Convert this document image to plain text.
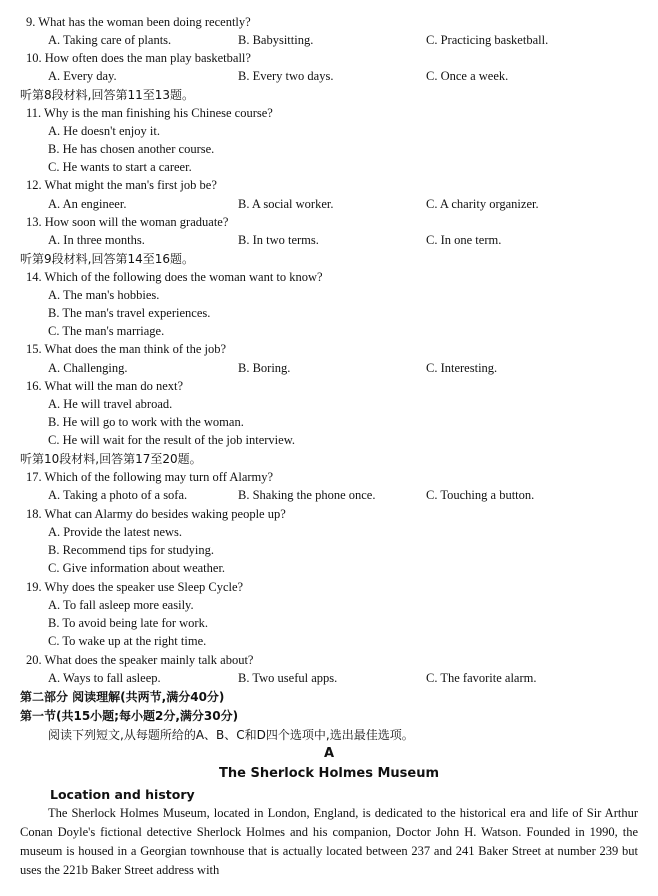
9. What has the woman been doing recently?
A. Taking care of plants.	B. Babysitting.	C. Practicing basketball.
10. How often does the man play basketball?
A. Every day.	B. Every two days.	C. Once a week.
听第8段材料,回答第11至13题。
11. Why is the man finishing his Chinese course?
A. He doesn't enjoy it.
B. He has chosen another course.
C. He wants to start a career.
12. What might the man's first job be?
A. An engineer.	B. A social worker.	C. A charity organizer.
13. How soon will the woman graduate?
A. In three months.	B. In two terms.	C. In one term.
听第9段材料,回答第14至16题。
14. Which of the following does the woman want to know?
A. The man's hobbies.
B. The man's travel experiences.
C. The man's marriage.
15. What does the man think of the job?
A. Challenging.	B. Boring.	C. Interesting.
16. What will the man do next?
A. He will travel abroad.
B. He will go to work with the woman.
C. He will wait for the result of the job interview.
听第10段材料,回答第17至20题。
17. Which of the following may turn off Alarmy?
A. Taking a photo of a sofa.	B. Shaking the phone once.	C. Touching a button.
18. What can Alarmy do besides waking people up?
A. Provide the latest news.
B. Recommend tips for studying.
C. Give information about weather.
19. Why does the speaker use Sleep Cycle?
A. To fall asleep more easily.
B. To avoid being late for work.
C. To wake up at the right time.
20. What does the speaker mainly talk about?
A. Ways to fall asleep.	B. Two useful apps.	C. The favorite alarm.
第二部分 阅读理解(共两节,满分40分)
第一节(共15小题;每小题2分,满分30分)
阅读下列短文,从每题所给的A、B、C和D四个选项中,选出最佳选项。
A
The Sherlock Holmes Museum
Location and history
The Sherlock Holmes Museum, located in London, England, is dedicated to the historical era and life of Sir Arthur Conan Doyle's fictional detective Sherlock Holmes and his companion, Doctor John H. Watson. Founded in 1990, the museum is housed in a Georgian townhouse that is actually located between 237 and 241 Baker Street at number 239 but uses the 221b Baker Street address with
